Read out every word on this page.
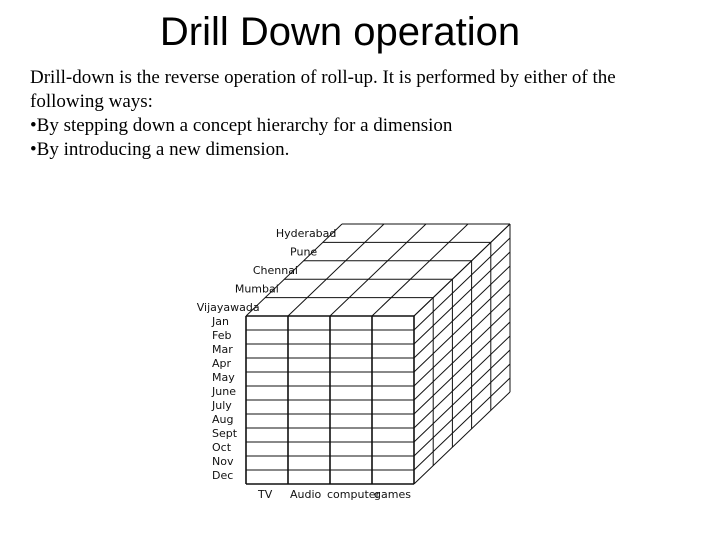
Drill Down operation

Drill-down is the reverse operation of roll-up. It is performed by either of the

following ways:

• By stepping down a concept hierarchy for a dimension

• By introducing a new dimension.

Vijayawada
Mumbai
Chennai
Pune
Hyderabad
Jan
Feb
Mar
Apr
May
June
July
Aug
Sept
Oct
Nov
Dec
TV Audio computer
games
